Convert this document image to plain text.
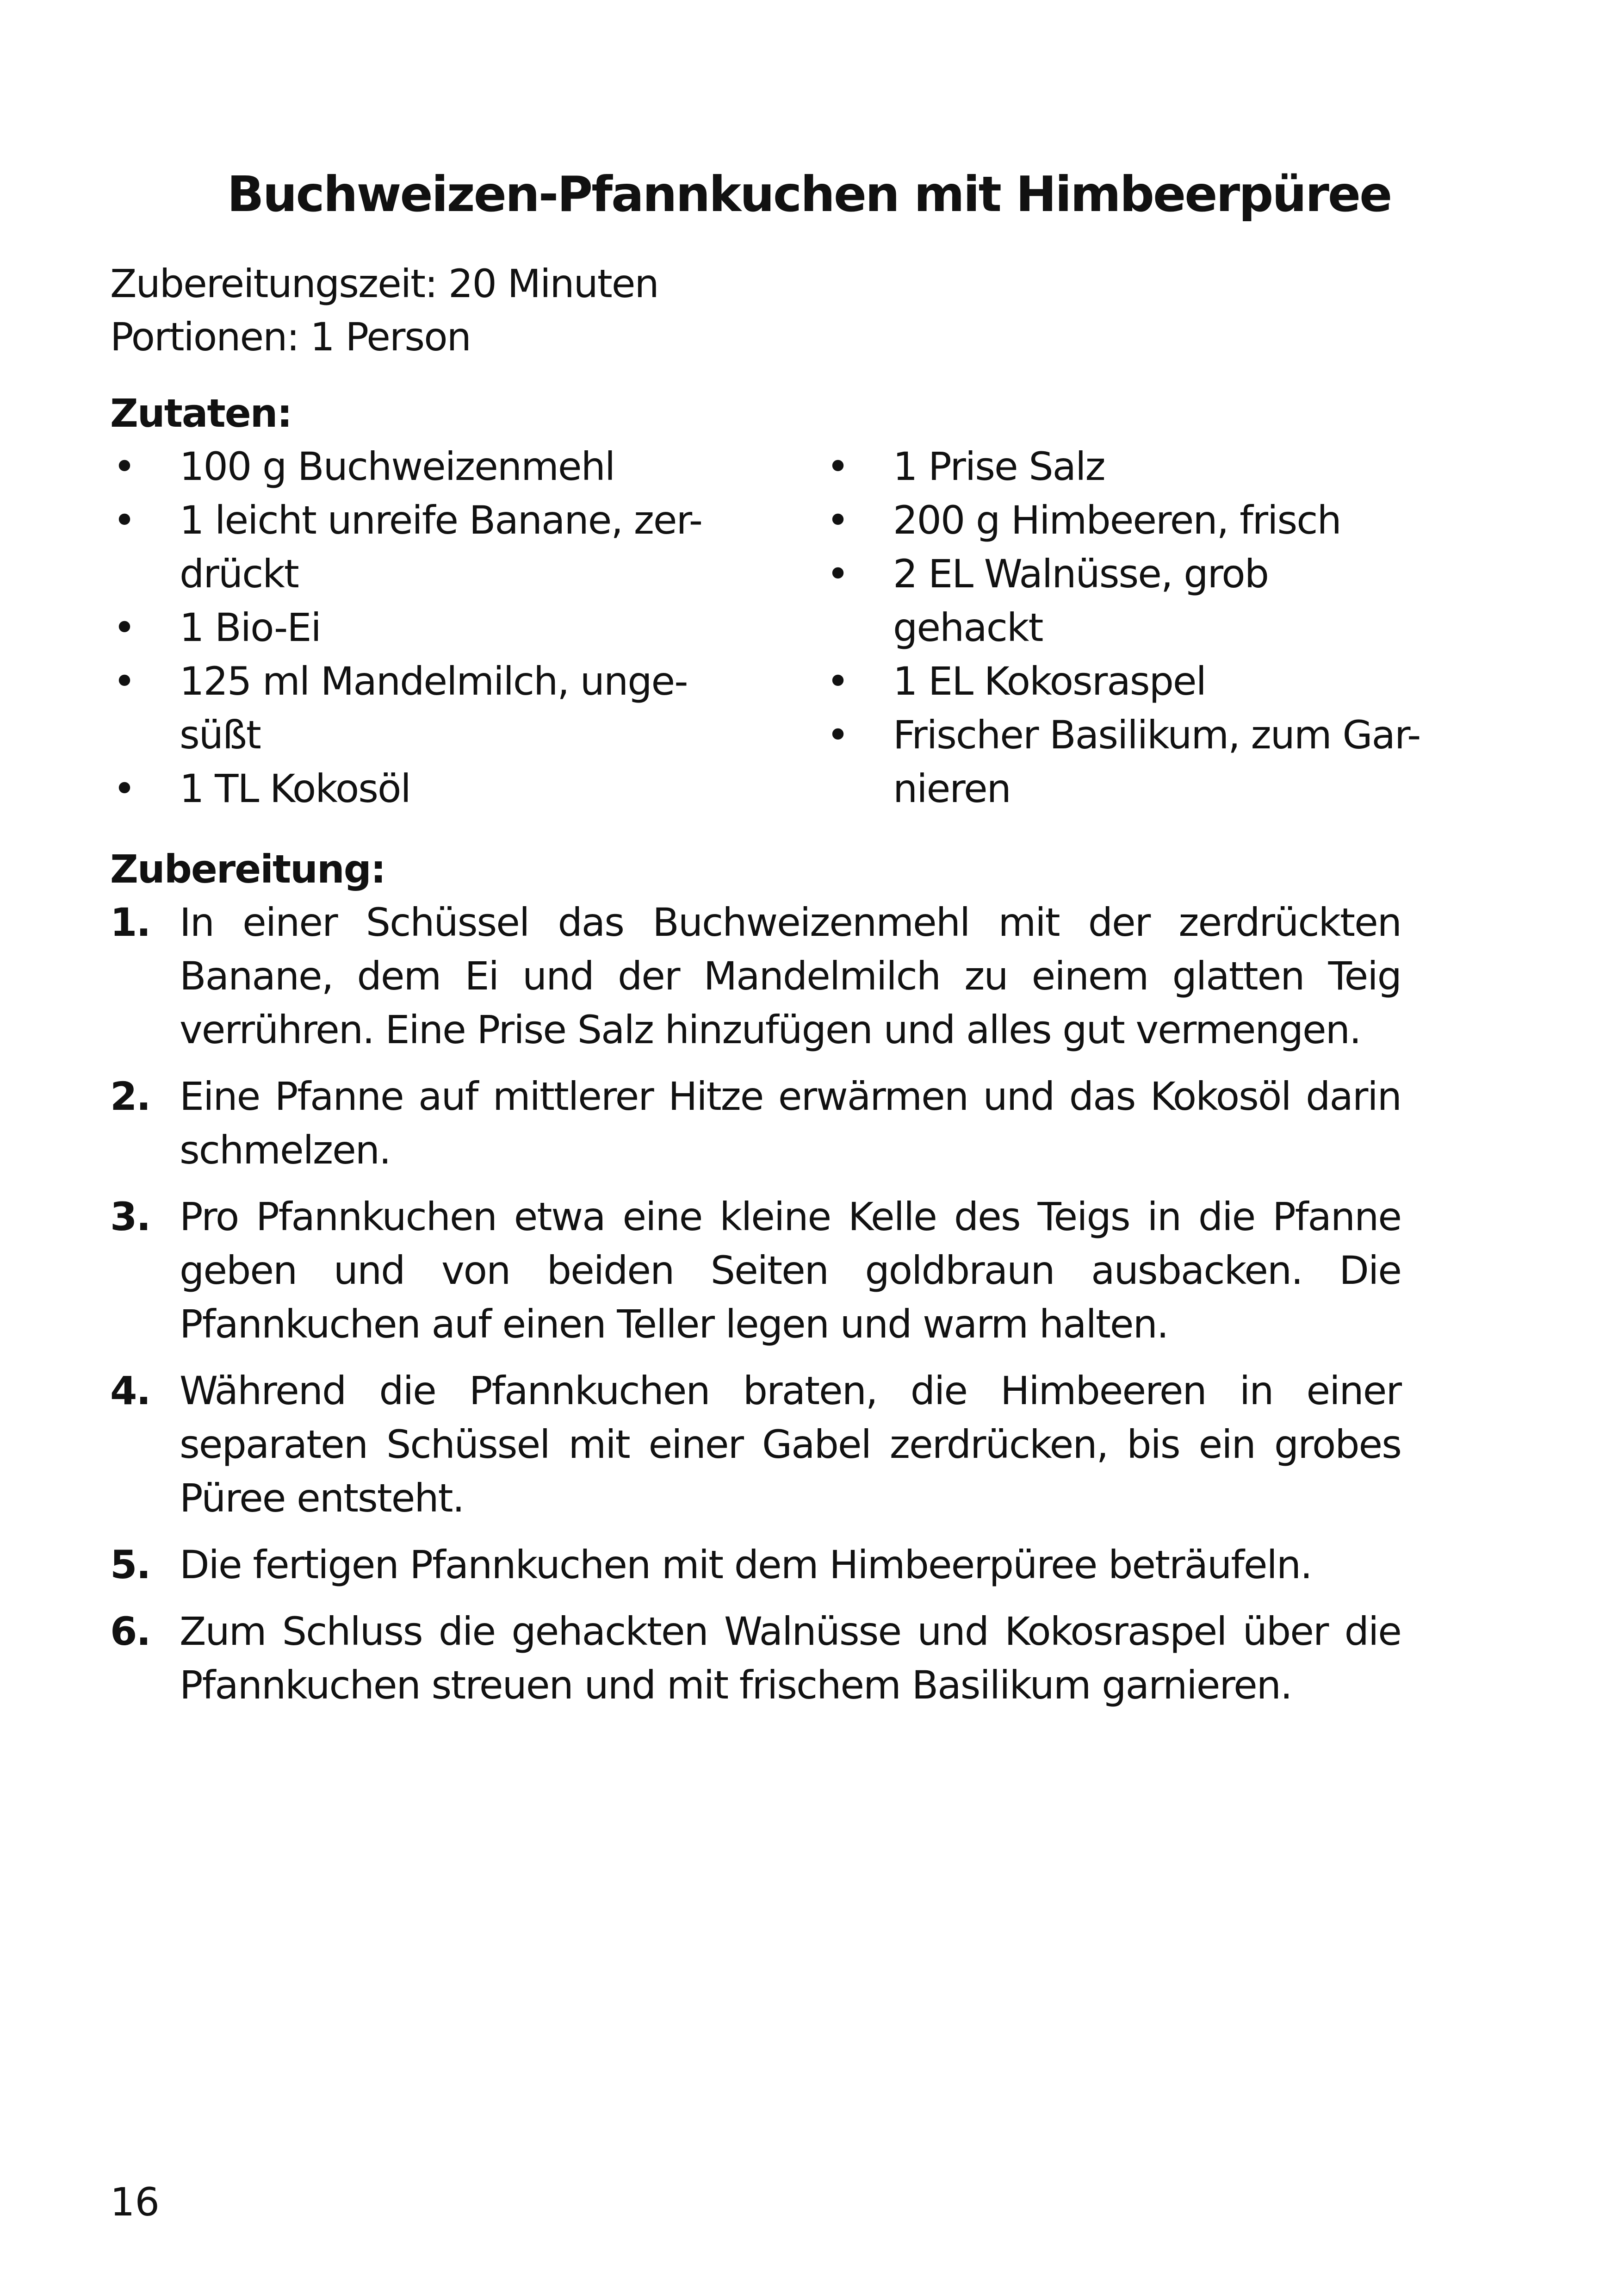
Buchweizen-Pfannkuchen mit Himbeerpüree
Zubereitungszeit: 20 Minuten
Portionen: 1 Person
Zutaten:
• 100 g Buchweizenmehl
• 1 leicht unreife Banane, zer-
drückt
• 1 Bio-Ei
• 125 ml Mandelmilch, unge-
süßt
• 1 TL Kokosöl
• 1 Prise Salz
• 200 g Himbeeren, frisch
• 2 EL Walnüsse, grob gehackt
• 1 EL Kokosraspel
• Frischer Basilikum, zum Gar-
nieren
Zubereitung:
1. In einer Schüssel das Buchweizenmehl mit der zerdrückten Banane, dem Ei und der Mandelmilch zu einem glatten Teig verrühren. Eine Prise Salz hinzufügen und alles gut vermengen.
2. Eine Pfanne auf mittlerer Hitze erwärmen und das Kokosöl darin schmelzen.
3. Pro Pfannkuchen etwa eine kleine Kelle des Teigs in die Pfanne geben und von beiden Seiten goldbraun ausbacken. Die Pfannkuchen auf einen Teller legen und warm halten.
4. Während die Pfannkuchen braten, die Himbeeren in einer separaten Schüssel mit einer Gabel zerdrücken, bis ein grobes Püree entsteht.
5. Die fertigen Pfannkuchen mit dem Himbeerpüree beträufeln.
6. Zum Schluss die gehackten Walnüsse und Kokosraspel über die Pfannkuchen streuen und mit frischem Basilikum garnieren.
16
